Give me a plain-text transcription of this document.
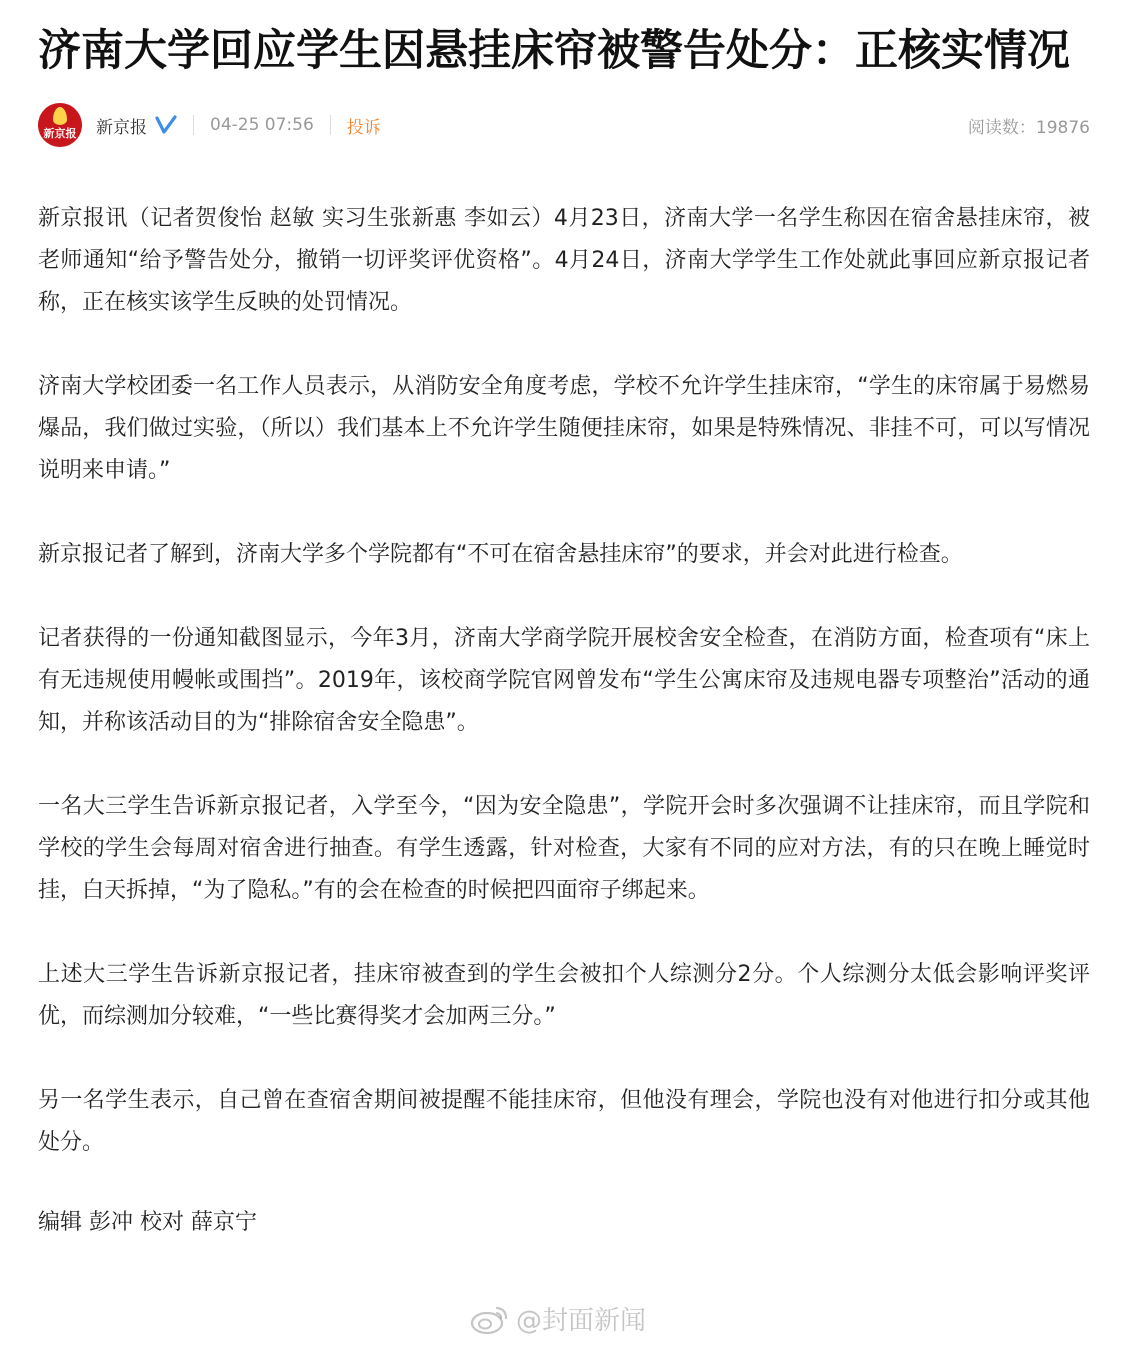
济南大学回应学生因悬挂床帘被警告处分：正核实情况
新京报	新京报	04-25 07:56 投诉	阅读数：19876

新京报讯（记者贺俊怡 赵敏 实习生张新惠 李如云）4月23日，济南大学一名学生称因在宿舍悬挂床帘，被老师通知“给予警告处分，撤销一切评奖评优资格”。4月24日，济南大学学生工作处就此事回应新京报记者称，正在核实该学生反映的处罚情况。

济南大学校团委一名工作人员表示，从消防安全角度考虑，学校不允许学生挂床帘，“学生的床帘属于易燃易爆品，我们做过实验，（所以）我们基本上不允许学生随便挂床帘，如果是特殊情况、非挂不可，可以写情况说明来申请。”

新京报记者了解到，济南大学多个学院都有“不可在宿舍悬挂床帘”的要求，并会对此进行检查。

记者获得的一份通知截图显示，今年3月，济南大学商学院开展校舍安全检查，在消防方面，检查项有“床上有无违规使用幔帐或围挡”。2019年，该校商学院官网曾发布“学生公寓床帘及违规电器专项整治”活动的通知，并称该活动目的为“排除宿舍安全隐患”。

一名大三学生告诉新京报记者，入学至今，“因为安全隐患”，学院开会时多次强调不让挂床帘，而且学院和学校的学生会每周对宿舍进行抽查。有学生透露，针对检查，大家有不同的应对方法，有的只在晚上睡觉时挂，白天拆掉，“为了隐私。”有的会在检查的时候把四面帘子绑起来。

上述大三学生告诉新京报记者，挂床帘被查到的学生会被扣个人综测分2分。个人综测分太低会影响评奖评优，而综测加分较难，“一些比赛得奖才会加两三分。”

另一名学生表示，自己曾在查宿舍期间被提醒不能挂床帘，但他没有理会，学院也没有对他进行扣分或其他处分。

编辑 彭冲 校对 薛京宁
@封面新闻
